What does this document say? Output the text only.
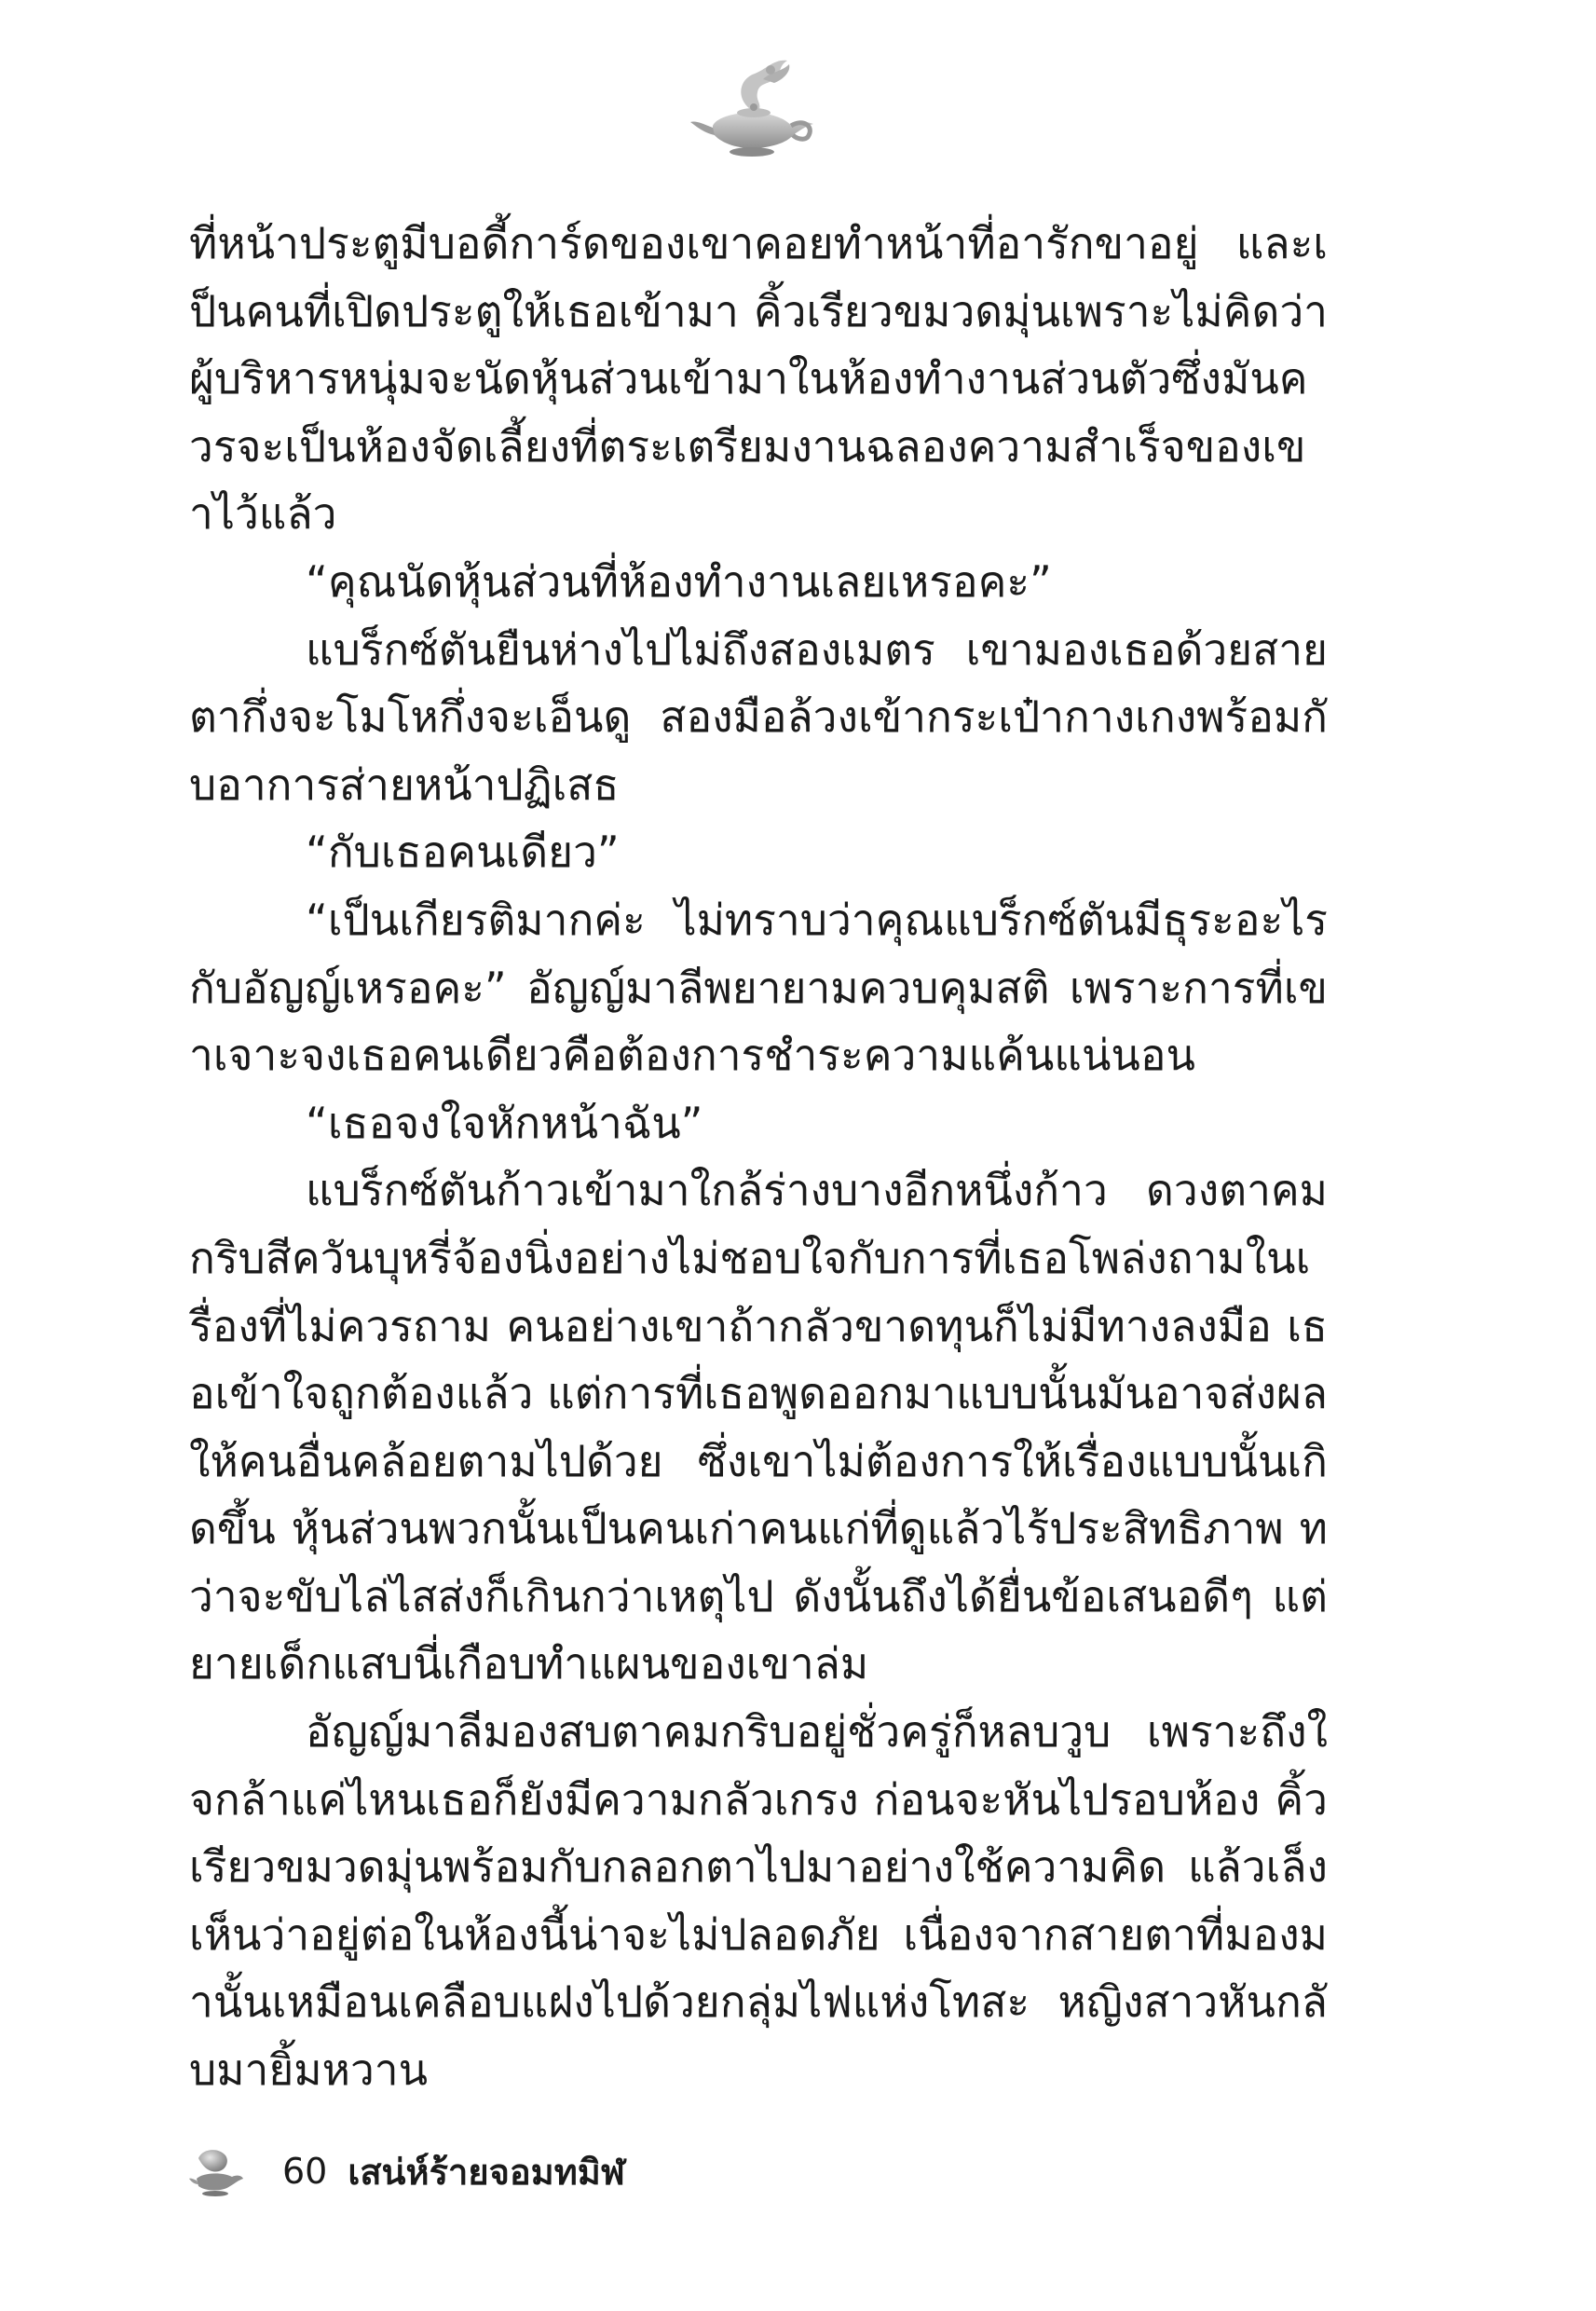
ที่หน้าประตูมีบอดี้การ์ดของเขาคอยทำหน้าที่อารักขาอยู่ และเป็นคนที่เปิดประตูให้เธอเข้ามา คิ้วเรียวขมวดมุ่นเพราะไม่คิดว่าผู้บริหารหนุ่มจะนัดหุ้นส่วนเข้ามาในห้องทำงานส่วนตัวซึ่งมันควรจะเป็นห้องจัดเลี้ยงที่ตระเตรียมงานฉลองความสำเร็จของเขาไว้แล้ว

“คุณนัดหุ้นส่วนที่ห้องทำงานเลยเหรอคะ”

แบร็กซ์ตันยืนห่างไปไม่ถึงสองเมตร เขามองเธอด้วยสายตากึ่งจะโมโหกึ่งจะเอ็นดู สองมือล้วงเข้ากระเป๋ากางเกงพร้อมกับอาการส่ายหน้าปฏิเสธ

“กับเธอคนเดียว”

“เป็นเกียรติมากค่ะ ไม่ทราบว่าคุณแบร็กซ์ตันมีธุระอะไรกับอัญญ์เหรอคะ” อัญญ์มาลีพยายามควบคุมสติ เพราะการที่เขาเจาะจงเธอคนเดียวคือต้องการชำระความแค้นแน่นอน

“เธอจงใจหักหน้าฉัน”

แบร็กซ์ตันก้าวเข้ามาใกล้ร่างบางอีกหนึ่งก้าว ดวงตาคมกริบสีควันบุหรี่จ้องนิ่งอย่างไม่ชอบใจกับการที่เธอโพล่งถามในเรื่องที่ไม่ควรถาม คนอย่างเขาถ้ากลัวขาดทุนก็ไม่มีทางลงมือ เธอเข้าใจถูกต้องแล้ว แต่การที่เธอพูดออกมาแบบนั้นมันอาจส่งผลให้คนอื่นคล้อยตามไปด้วย ซึ่งเขาไม่ต้องการให้เรื่องแบบนั้นเกิดขึ้น หุ้นส่วนพวกนั้นเป็นคนเก่าคนแก่ที่ดูแล้วไร้ประสิทธิภาพ ทว่าจะขับไล่ไสส่งก็เกินกว่าเหตุไป ดังนั้นถึงได้ยื่นข้อเสนอดีๆ แต่ยายเด็กแสบนี่เกือบทำแผนของเขาล่ม

อัญญ์มาลีมองสบตาคมกริบอยู่ชั่วครู่ก็หลบวูบ เพราะถึงใจกล้าแค่ไหนเธอก็ยังมีความกลัวเกรง ก่อนจะหันไปรอบห้อง คิ้วเรียวขมวดมุ่นพร้อมกับกลอกตาไปมาอย่างใช้ความคิด แล้วเล็งเห็นว่าอยู่ต่อในห้องนี้น่าจะไม่ปลอดภัย เนื่องจากสายตาที่มองมานั้นเหมือนเคลือบแฝงไปด้วยกลุ่มไฟแห่งโทสะ หญิงสาวหันกลับมายิ้มหวาน

60 เสน่ห์ร้ายจอมทมิฬ
